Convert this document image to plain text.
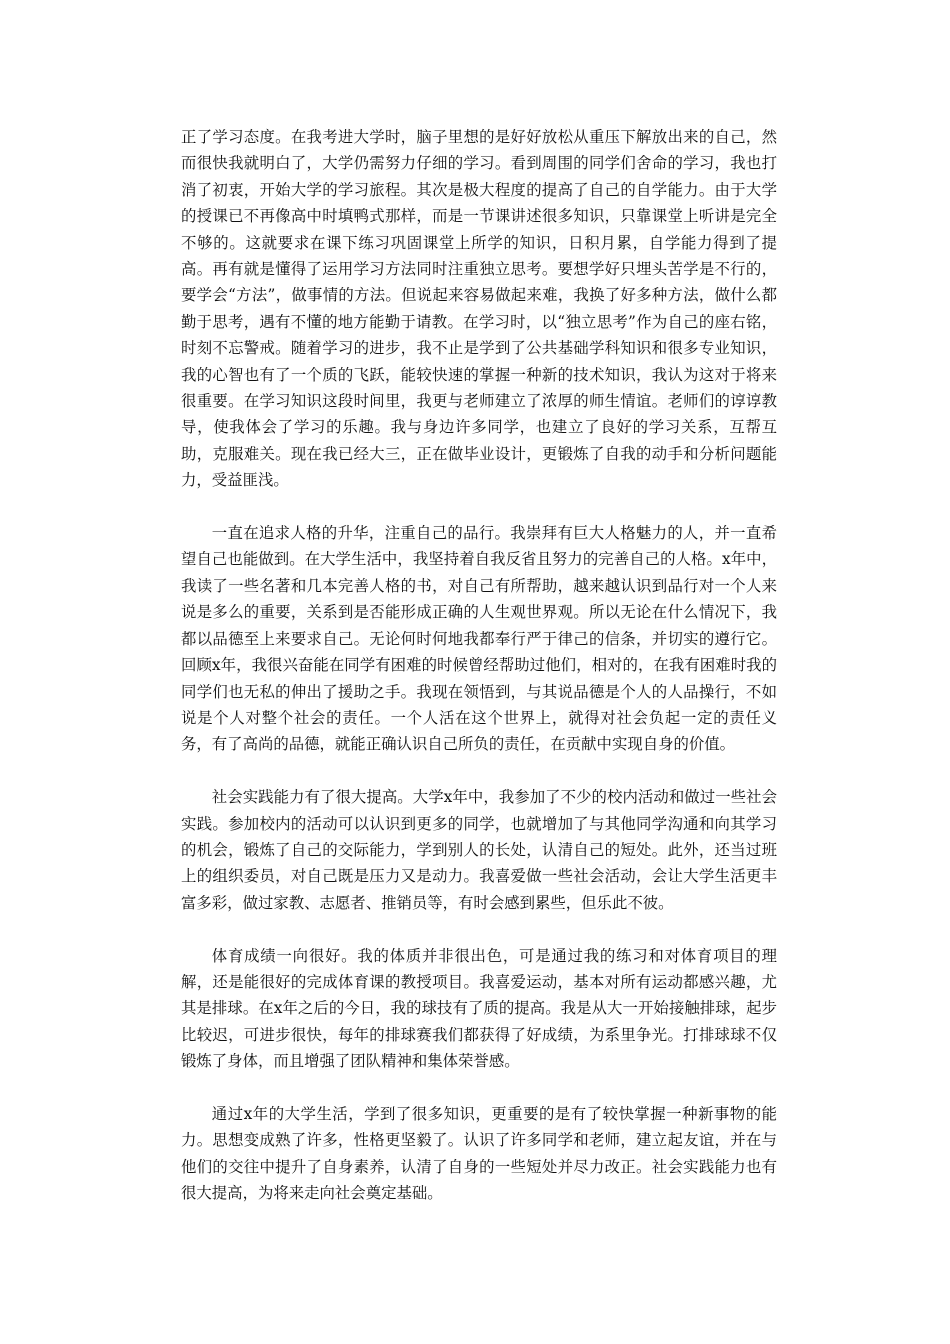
正了学习态度。在我考进大学时，脑子里想的是好好放松从重压下解放出来的自己，然而很快我就明白了，大学仍需努力仔细的学习。看到周围的同学们舍命的学习，我也打消了初衷，开始大学的学习旅程。其次是极大程度的提高了自己的自学能力。由于大学的授课已不再像高中时填鸭式那样，而是一节课讲述很多知识，只靠课堂上听讲是完全不够的。这就要求在课下练习巩固课堂上所学的知识，日积月累，自学能力得到了提高。再有就是懂得了运用学习方法同时注重独立思考。要想学好只埋头苦学是不行的，要学会“方法”，做事情的方法。但说起来容易做起来难，我换了好多种方法，做什么都勤于思考，遇有不懂的地方能勤于请教。在学习时，以“独立思考”作为自己的座右铭，时刻不忘警戒。随着学习的进步，我不止是学到了公共基础学科知识和很多专业知识，我的心智也有了一个质的飞跃，能较快速的掌握一种新的技术知识，我认为这对于将来很重要。在学习知识这段时间里，我更与老师建立了浓厚的师生情谊。老师们的谆谆教导，使我体会了学习的乐趣。我与身边许多同学，也建立了良好的学习关系，互帮互助，克服难关。现在我已经大三，正在做毕业设计，更锻炼了自我的动手和分析问题能力，受益匪浅。

一直在追求人格的升华，注重自己的品行。我崇拜有巨大人格魅力的人，并一直希望自己也能做到。在大学生活中，我坚持着自我反省且努力的完善自己的人格。x年中，我读了一些名著和几本完善人格的书，对自己有所帮助，越来越认识到品行对一个人来说是多么的重要，关系到是否能形成正确的人生观世界观。所以无论在什么情况下，我都以品德至上来要求自己。无论何时何地我都奉行严于律己的信条，并切实的遵行它。回顾x年，我很兴奋能在同学有困难的时候曾经帮助过他们，相对的，在我有困难时我的同学们也无私的伸出了援助之手。我现在领悟到，与其说品德是个人的人品操行，不如说是个人对整个社会的责任。一个人活在这个世界上，就得对社会负起一定的责任义务，有了高尚的品德，就能正确认识自己所负的责任，在贡献中实现自身的价值。

社会实践能力有了很大提高。大学x年中，我参加了不少的校内活动和做过一些社会实践。参加校内的活动可以认识到更多的同学，也就增加了与其他同学沟通和向其学习的机会，锻炼了自己的交际能力，学到别人的长处，认清自己的短处。此外，还当过班上的组织委员，对自己既是压力又是动力。我喜爱做一些社会活动，会让大学生活更丰富多彩，做过家教、志愿者、推销员等，有时会感到累些，但乐此不彼。

体育成绩一向很好。我的体质并非很出色，可是通过我的练习和对体育项目的理解，还是能很好的完成体育课的教授项目。我喜爱运动，基本对所有运动都感兴趣，尤其是排球。在x年之后的今日，我的球技有了质的提高。我是从大一开始接触排球，起步比较迟，可进步很快，每年的排球赛我们都获得了好成绩，为系里争光。打排球球不仅锻炼了身体，而且增强了团队精神和集体荣誉感。

通过x年的大学生活，学到了很多知识，更重要的是有了较快掌握一种新事物的能力。思想变成熟了许多，性格更坚毅了。认识了许多同学和老师，建立起友谊，并在与他们的交往中提升了自身素养，认清了自身的一些短处并尽力改正。社会实践能力也有很大提高，为将来走向社会奠定基础。
